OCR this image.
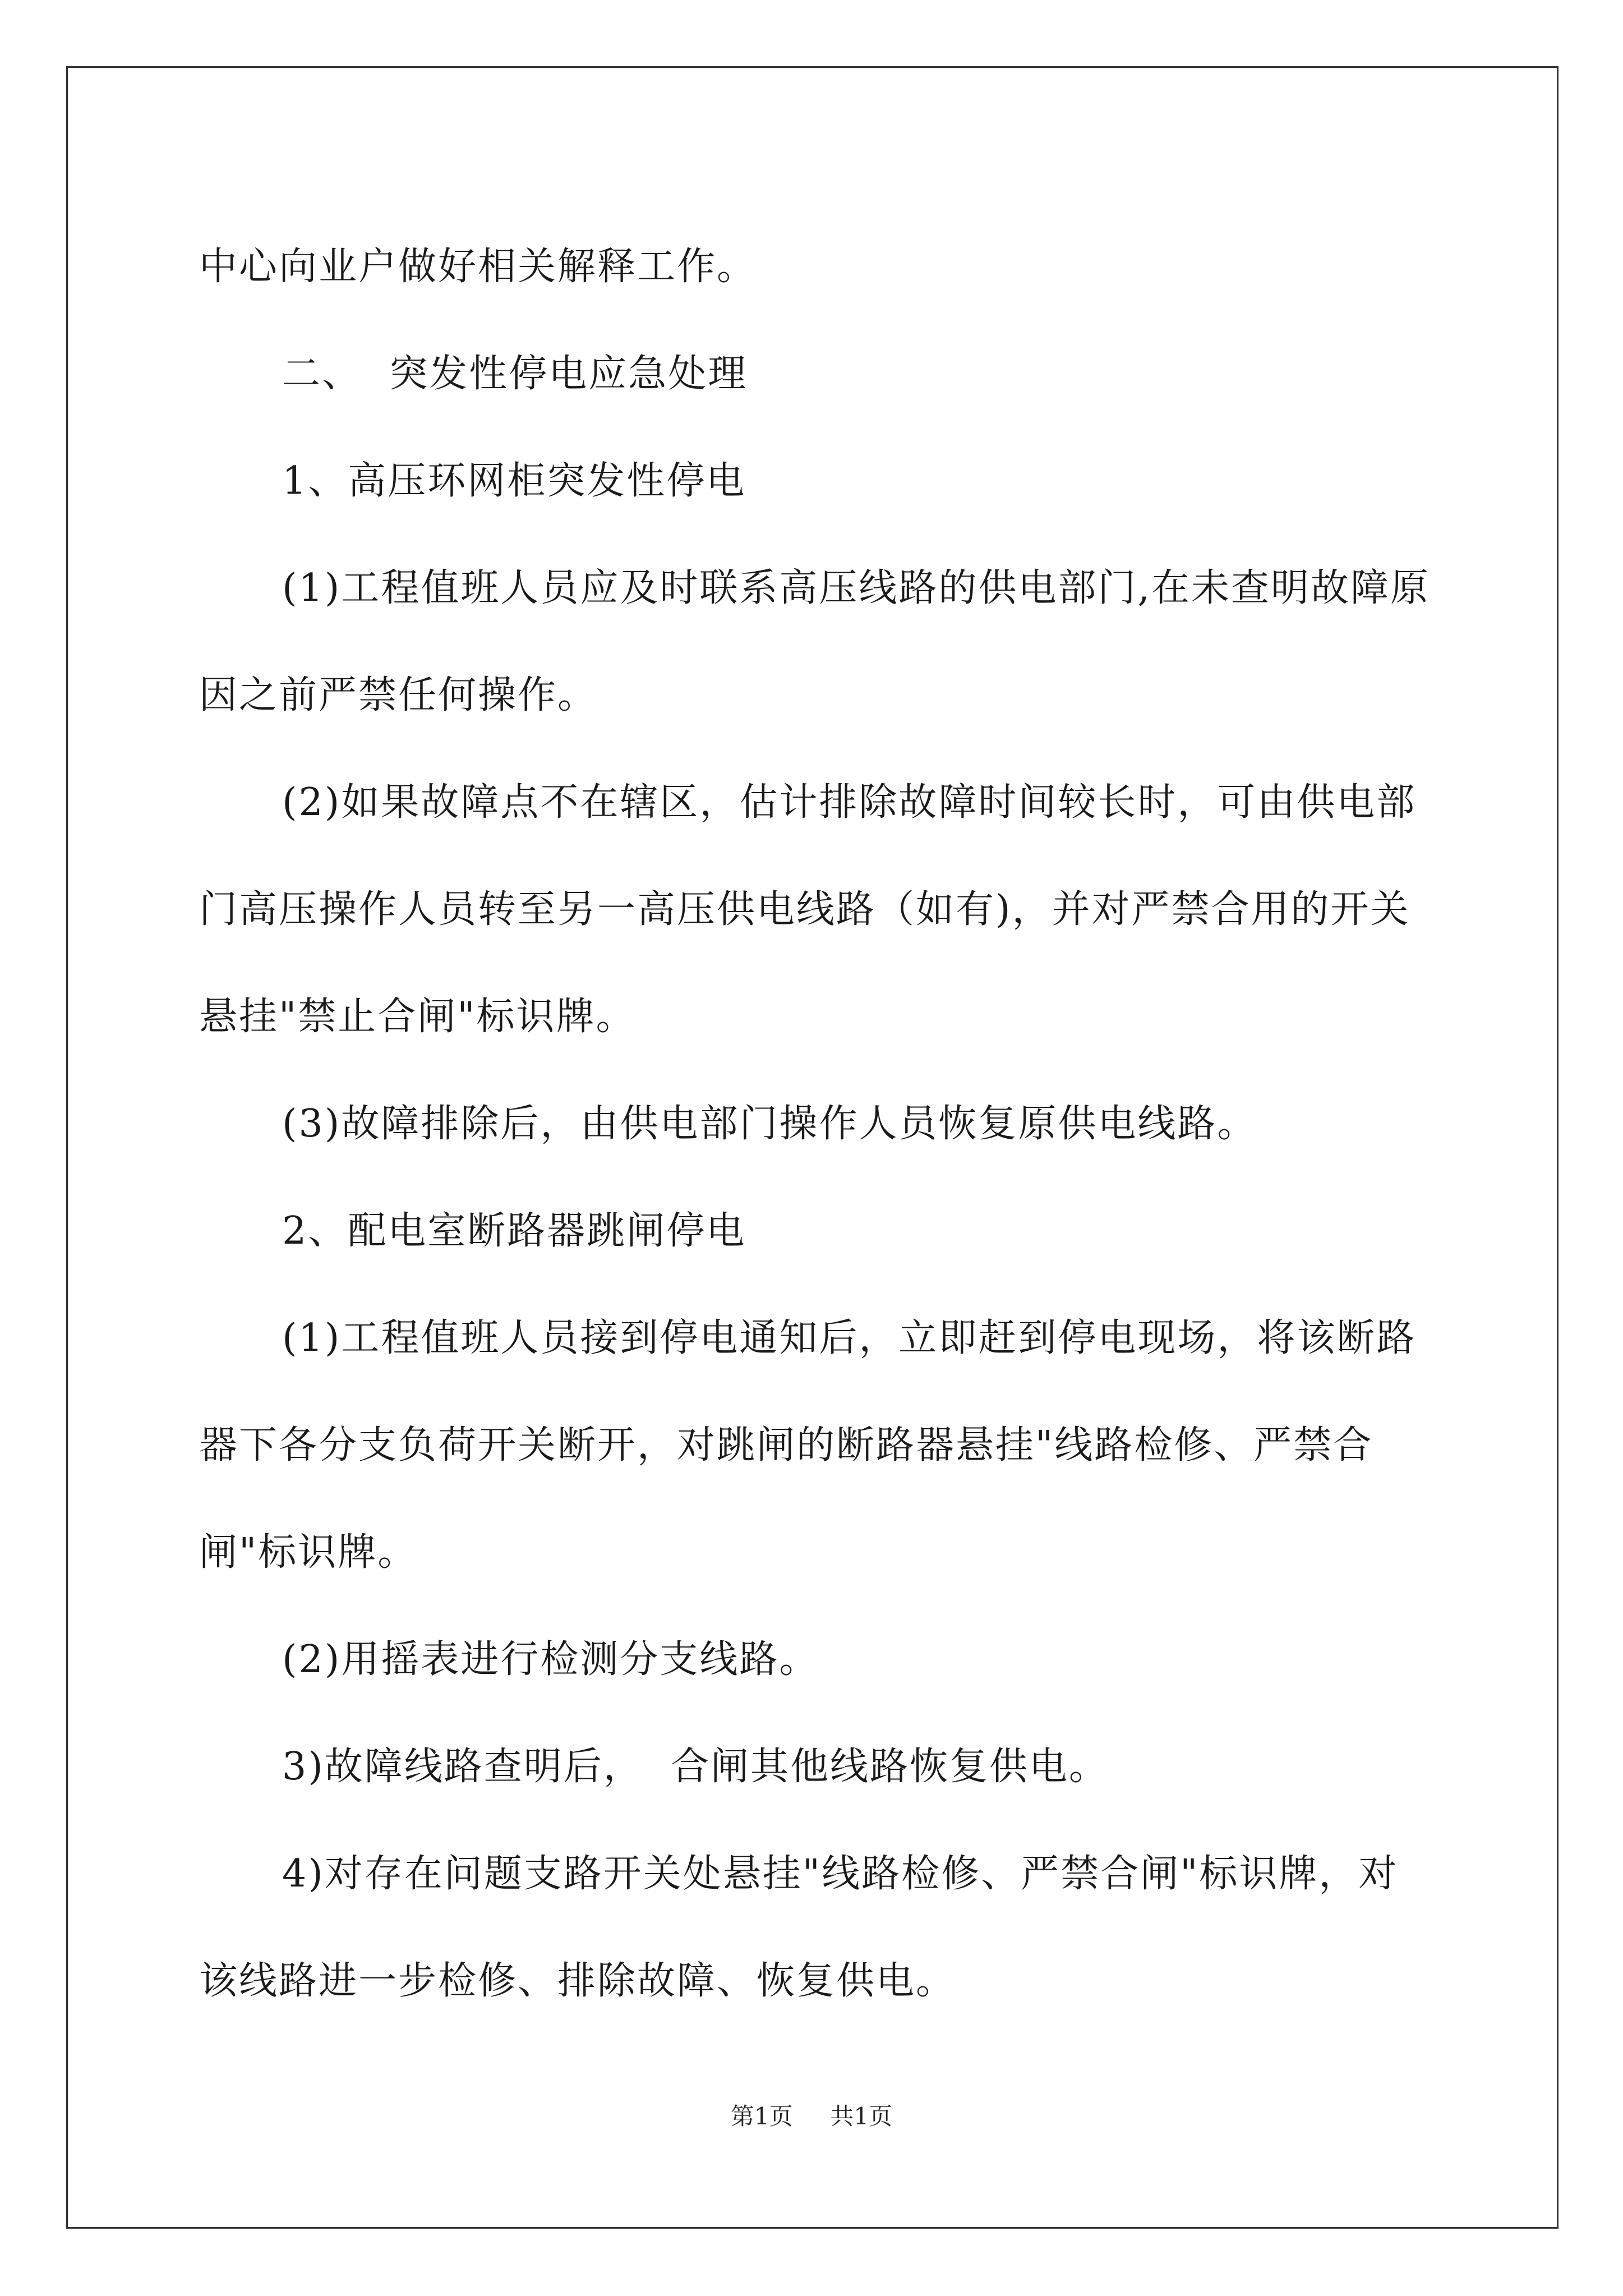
中心向业户做好相关解释工作。

二、  突发性停电应急处理

1、高压环网柜突发性停电

(1)工程值班人员应及时联系高压线路的供电部门,在未查明故障原因之前严禁任何操作。

(2)如果故障点不在辖区，估计排除故障时间较长时，可由供电部门高压操作人员转至另一高压供电线路（如有)，并对严禁合用的开关悬挂"禁止合闸"标识牌。

(3)故障排除后，由供电部门操作人员恢复原供电线路。

2、配电室断路器跳闸停电

(1)工程值班人员接到停电通知后，立即赶到停电现场，将该断路器下各分支负荷开关断开，对跳闸的断路器悬挂"线路检修、严禁合闸"标识牌。

(2)用摇表进行检测分支线路。

3)故障线路查明后，  合闸其他线路恢复供电。

4)对存在问题支路开关处悬挂"线路检修、严禁合闸"标识牌，对该线路进一步检修、排除故障、恢复供电。

第1页 共1页
